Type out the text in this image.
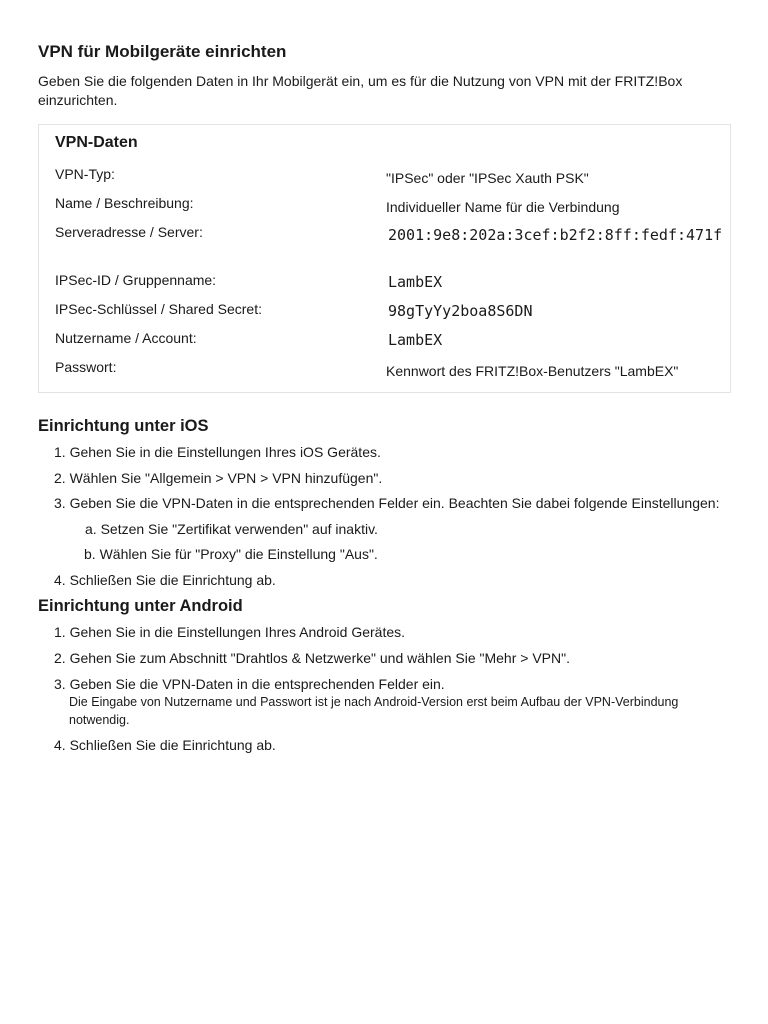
VPN für Mobilgeräte einrichten
Geben Sie die folgenden Daten in Ihr Mobilgerät ein, um es für die Nutzung von VPN mit der FRITZ!Box einzurichten.
VPN-Daten
VPN-Typ:	"IPSec" oder "IPSec Xauth PSK"
Name / Beschreibung:	Individueller Name für die Verbindung
Serveradresse / Server:	2001:9e8:202a:3cef:b2f2:8ff:fedf:471f
IPSec-ID / Gruppenname:	LambEX
IPSec-Schlüssel / Shared Secret:	98gTyYy2boa8S6DN
Nutzername / Account:	LambEX
Passwort:	Kennwort des FRITZ!Box-Benutzers "LambEX"
Einrichtung unter iOS
1. Gehen Sie in die Einstellungen Ihres iOS Gerätes.
2. Wählen Sie "Allgemein > VPN > VPN hinzufügen".
3. Geben Sie die VPN-Daten in die entsprechenden Felder ein. Beachten Sie dabei folgende Einstellungen:
a. Setzen Sie "Zertifikat verwenden" auf inaktiv.
b. Wählen Sie für "Proxy" die Einstellung "Aus".
4. Schließen Sie die Einrichtung ab.
Einrichtung unter Android
1. Gehen Sie in die Einstellungen Ihres Android Gerätes.
2. Gehen Sie zum Abschnitt "Drahtlos & Netzwerke" und wählen Sie "Mehr > VPN".
3. Geben Sie die VPN-Daten in die entsprechenden Felder ein.
Die Eingabe von Nutzername und Passwort ist je nach Android-Version erst beim Aufbau der VPN-Verbindung notwendig.
4. Schließen Sie die Einrichtung ab.
